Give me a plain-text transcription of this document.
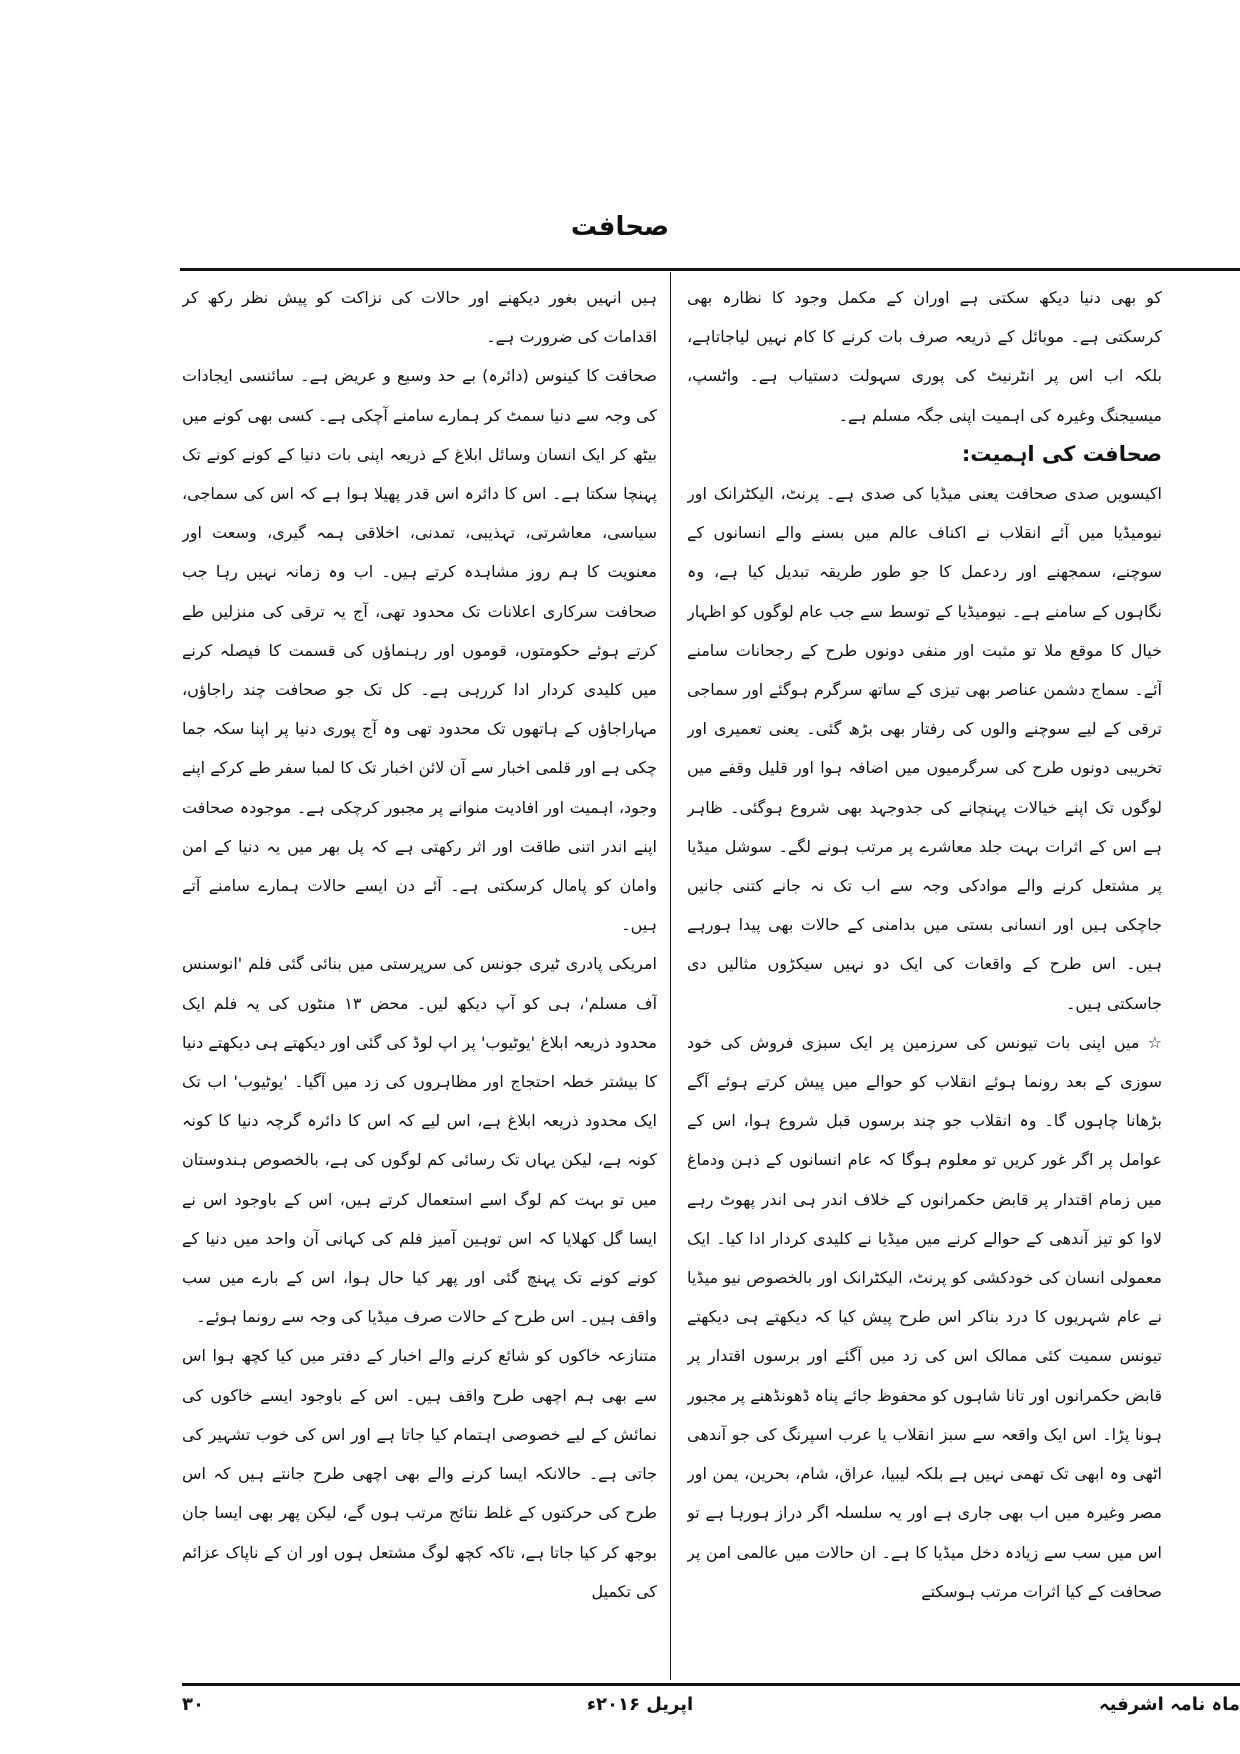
صحافت

کو بھی دنیا دیکھ سکتی ہے اوران کے مکمل وجود کا نظارہ بھی کرسکتی ہے۔ موبائل کے ذریعہ صرف بات کرنے کا کام نہیں لیاجاتاہے، بلکہ اب اس پر انٹرنیٹ کی پوری سہولت دستیاب ہے۔ واٹسپ، میسیجنگ وغیرہ کی اہمیت اپنی جگہ مسلم ہے۔

صحافت کی اہمیت:

اکیسویں صدی صحافت یعنی میڈیا کی صدی ہے۔ پرنٹ، الیکٹرانک اور نیومیڈیا میں آئے انقلاب نے اکناف عالم میں بسنے والے انسانوں کے سوچنے، سمجھنے اور ردعمل کا جو طور طریقہ تبدیل کیا ہے، وہ نگاہوں کے سامنے ہے۔ نیومیڈیا کے توسط سے جب عام لوگوں کو اظہار خیال کا موقع ملا تو مثبت اور منفی دونوں طرح کے رجحانات سامنے آئے۔ سماج دشمن عناصر بھی تیزی کے ساتھ سرگرم ہوگئے اور سماجی ترقی کے لیے سوچنے والوں کی رفتار بھی بڑھ گئی۔ یعنی تعمیری اور تخریبی دونوں طرح کی سرگرمیوں میں اضافہ ہوا اور قلیل وقفے میں لوگوں تک اپنے خیالات پہنچانے کی جدوجہد بھی شروع ہوگئی۔ ظاہر ہے اس کے اثرات بہت جلد معاشرے پر مرتب ہونے لگے۔ سوشل میڈیا پر مشتعل کرنے والے موادکی وجہ سے اب تک نہ جانے کتنی جانیں جاچکی ہیں اور انسانی بستی میں بدامنی کے حالات بھی پیدا ہورہے ہیں۔ اس طرح کے واقعات کی ایک دو نہیں سیکڑوں مثالیں دی جاسکتی ہیں۔

☆ میں اپنی بات تیونس کی سرزمین پر ایک سبزی فروش کی خود سوزی کے بعد رونما ہوئے انقلاب کو حوالے میں پیش کرتے ہوئے آگے بڑھانا چاہوں گا۔ وہ انقلاب جو چند برسوں قبل شروع ہوا، اس کے عوامل پر اگر غور کریں تو معلوم ہوگا کہ عام انسانوں کے ذہن ودماغ میں زمام اقتدار پر قابض حکمرانوں کے خلاف اندر ہی اندر پھوٹ رہے لاوا کو تیز آندھی کے حوالے کرنے میں میڈیا نے کلیدی کردار ادا کیا۔ ایک معمولی انسان کی خودکشی کو پرنٹ، الیکٹرانک اور بالخصوص نیو میڈیا نے عام شہریوں کا درد بناکر اس طرح پیش کیا کہ دیکھتے ہی دیکھتے تیونس سمیت کئی ممالک اس کی زد میں آگئے اور برسوں اقتدار پر قابض حکمرانوں اور تانا شاہوں کو محفوظ جائے پناہ ڈھونڈھنے پر مجبور ہونا پڑا۔ اس ایک واقعہ سے سبز انقلاب یا عرب اسپرنگ کی جو آندھی اٹھی وہ ابھی تک تھمی نہیں ہے بلکہ لیبیا، عراق، شام، بحرین، یمن اور مصر وغیرہ میں اب بھی جاری ہے اور یہ سلسلہ اگر دراز ہورہا ہے تو اس میں سب سے زیادہ دخل میڈیا کا ہے۔ ان حالات میں عالمی امن پر صحافت کے کیا اثرات مرتب ہوسکتے

ہیں انہیں بغور دیکھنے اور حالات کی نزاکت کو پیش نظر رکھ کر اقدامات کی ضرورت ہے۔

صحافت کا کینوس (دائرہ) بے حد وسیع و عریض ہے۔ سائنسی ایجادات کی وجہ سے دنیا سمٹ کر ہمارے سامنے آچکی ہے۔ کسی بھی کونے میں بیٹھ کر ایک انسان وسائل ابلاغ کے ذریعہ اپنی بات دنیا کے کونے کونے تک پہنچا سکتا ہے۔ اس کا دائرہ اس قدر پھیلا ہوا ہے کہ اس کی سماجی، سیاسی، معاشرتی، تہذیبی، تمدنی، اخلاقی ہمہ گیری، وسعت اور معنویت کا ہم روز مشاہدہ کرتے ہیں۔ اب وہ زمانہ نہیں رہا جب صحافت سرکاری اعلانات تک محدود تھی، آج یہ ترقی کی منزلیں طے کرتے ہوئے حکومتوں، قوموں اور رہنماؤں کی قسمت کا فیصلہ کرنے میں کلیدی کردار ادا کررہی ہے۔ کل تک جو صحافت چند راجاؤں، مہاراجاؤں کے ہاتھوں تک محدود تھی وہ آج پوری دنیا پر اپنا سکہ جما چکی ہے اور قلمی اخبار سے آن لائن اخبار تک کا لمبا سفر طے کرکے اپنے وجود، اہمیت اور افادیت منوانے پر مجبور کرچکی ہے۔ موجودہ صحافت اپنے اندر اتنی طاقت اور اثر رکھتی ہے کہ پل بھر میں یہ دنیا کے امن وامان کو پامال کرسکتی ہے۔ آئے دن ایسے حالات ہمارے سامنے آتے ہیں۔

امریکی پادری ٹیری جونس کی سرپرستی میں بنائی گئی فلم 'انوسنس آف مسلم'، ہی کو آپ دیکھ لیں۔ محض ۱۳ منٹوں کی یہ فلم ایک محدود ذریعہ ابلاغ 'یوٹیوب' پر اپ لوڈ کی گئی اور دیکھتے ہی دیکھتے دنیا کا بیشتر خطہ احتجاج اور مظاہروں کی زد میں آگیا۔ 'یوٹیوب' اب تک ایک محدود ذریعہ ابلاغ ہے، اس لیے کہ اس کا دائرہ گرچہ دنیا کا کونہ کونہ ہے، لیکن یہاں تک رسائی کم لوگوں کی ہے، بالخصوص ہندوستان میں تو بہت کم لوگ اسے استعمال کرتے ہیں، اس کے باوجود اس نے ایسا گل کھلایا کہ اس توہین آمیز فلم کی کہانی آن واحد میں دنیا کے کونے کونے تک پہنچ گئی اور پھر کیا حال ہوا، اس کے بارے میں سب واقف ہیں۔ اس طرح کے حالات صرف میڈیا کی وجہ سے رونما ہوئے۔

متنازعہ خاکوں کو شائع کرنے والے اخبار کے دفتر میں کیا کچھ ہوا اس سے بھی ہم اچھی طرح واقف ہیں۔ اس کے باوجود ایسے خاکوں کی نمائش کے لیے خصوصی اہتمام کیا جاتا ہے اور اس کی خوب تشہیر کی جاتی ہے۔ حالانکہ ایسا کرنے والے بھی اچھی طرح جانتے ہیں کہ اس طرح کی حرکتوں کے غلط نتائج مرتب ہوں گے، لیکن پھر بھی ایسا جان بوجھ کر کیا جاتا ہے، تاکہ کچھ لوگ مشتعل ہوں اور ان کے ناپاک عزائم کی تکمیل

ماہ نامہ اشرفیہ
اپریل ۲۰۱۶ء
۳۰
